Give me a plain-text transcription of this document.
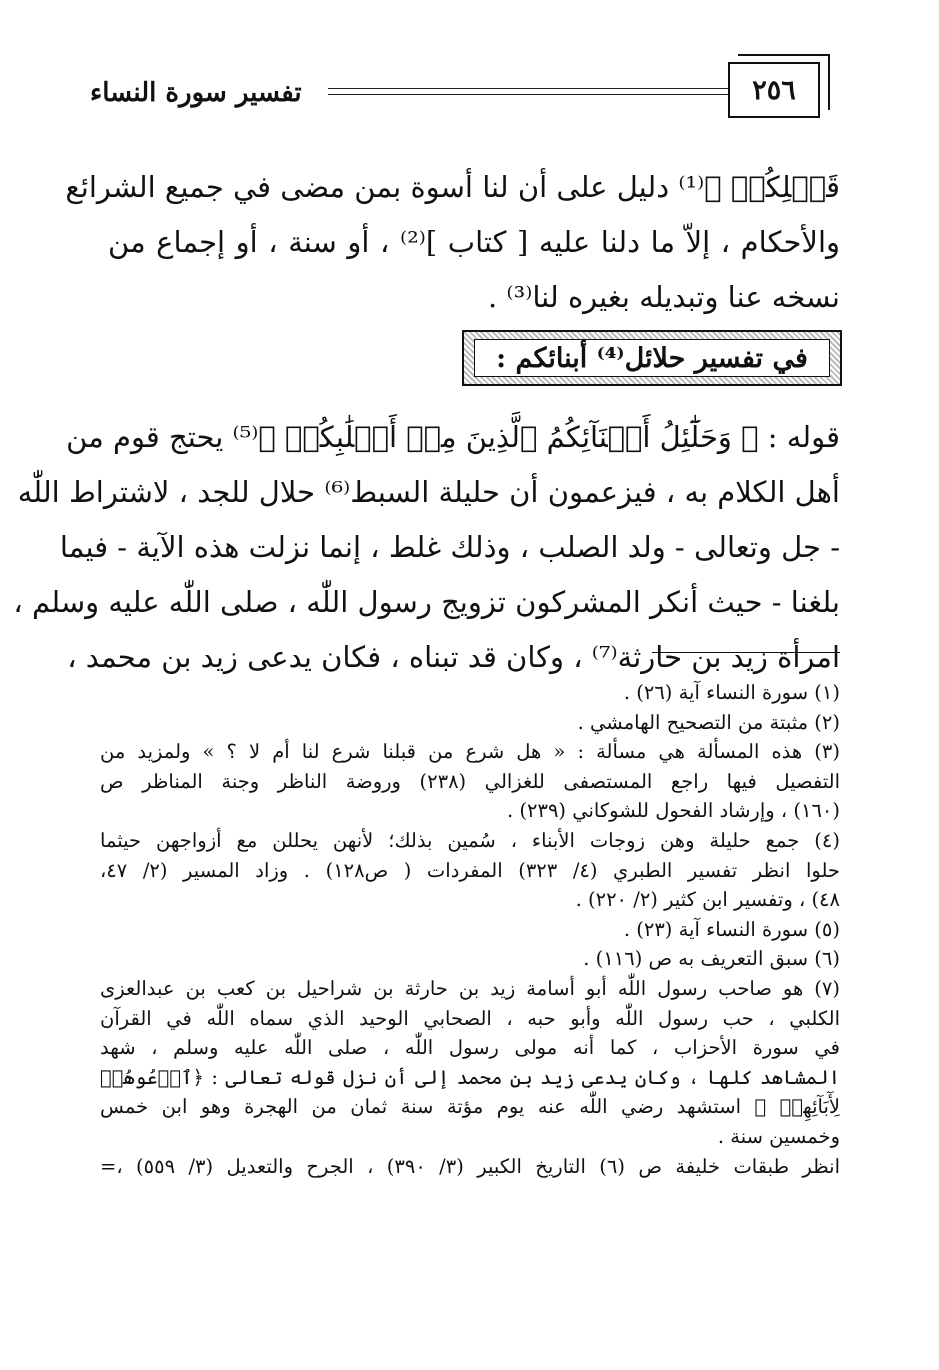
تفسير سورة النساء	٢٥٦
قَبۡلِكُمۡ ﴾⁽¹⁾ دليل على أن لنا أسوة بمن مضى في جميع الشرائع
والأحكام ، إلاّ ما دلنا عليه [ كتاب ]⁽²⁾ ، أو سنة ، أو إجماع من
نسخه عنا وتبديله بغيره لنا⁽³⁾ .
في تفسير حلائل⁽⁴⁾ أبنائكم :
قوله : ﴿ وَحَلَٰٓئِلُ أَبۡنَآئِكُمُ ٱلَّذِينَ مِنۡ أَصۡلَٰبِكُمۡ ﴾⁽⁵⁾ يحتج قوم من
أهل الكلام به ، فيزعمون أن حليلة السبط⁽⁶⁾ حلال للجد ، لاشتراط اللّٰه
- جل وتعالى - ولد الصلب ، وذلك غلط ، إنما نزلت هذه الآية - فيما
بلغنا - حيث أنكر المشركون تزويج رسول اللّٰه ، صلى اللّٰه عليه وسلم ،
امرأة زيد بن حارثة⁽⁷⁾ ، وكان قد تبناه ، فكان يدعى زيد بن محمد ،
(١) سورة النساء آية (٢٦) .
(٢) مثبتة من التصحيح الهامشي .
(٣) هذه المسألة هي مسألة : « هل شرع من قبلنا شرع لنا أم لا ؟ » ولمزيد من
التفصيل فيها راجع المستصفى للغزالي (٢٣٨) وروضة الناظر وجنة المناظر ص
(١٦٠) ، وإرشاد الفحول للشوكاني (٢٣٩) .
(٤) جمع حليلة وهن زوجات الأبناء ، سُمين بذلك؛ لأنهن يحللن مع أزواجهن حيثما
حلوا انظر تفسير الطبري (٤/ ٣٢٣) المفردات ( ص١٢٨) . وزاد المسير (٢/ ٤٧،
٤٨) ، وتفسير ابن كثير (٢/ ٢٢٠) .
(٥) سورة النساء آية (٢٣) .
(٦) سبق التعريف به ص (١١٦) .
(٧) هو صاحب رسول اللّٰه أبو أسامة زيد بن حارثة بن شراحيل بن كعب بن عبدالعزى
الكلبي ، حب رسول اللّٰه وأبو حبه ، الصحابي الوحيد الذي سماه اللّٰه في القرآن
في سورة الأحزاب ، كما أنه مولى رسول اللّٰه ، صلى اللّٰه عليه وسلم ، شهد
المشاهد كلها ، وكان يدعى زيد بن محمد إلى أن نزل قوله تعالى : ﴿ٱدۡعُوهُمۡ
لِأٓبَآئِهِمۡ ﴾ استشهد رضي اللّٰه عنه يوم مؤتة سنة ثمان من الهجرة وهو ابن خمس
وخمسين سنة .
انظر طبقات خليفة ص (٦) التاريخ الكبير (٣/ ٣٩٠) ، الجرح والتعديل (٣/ ٥٥٩) ،=
